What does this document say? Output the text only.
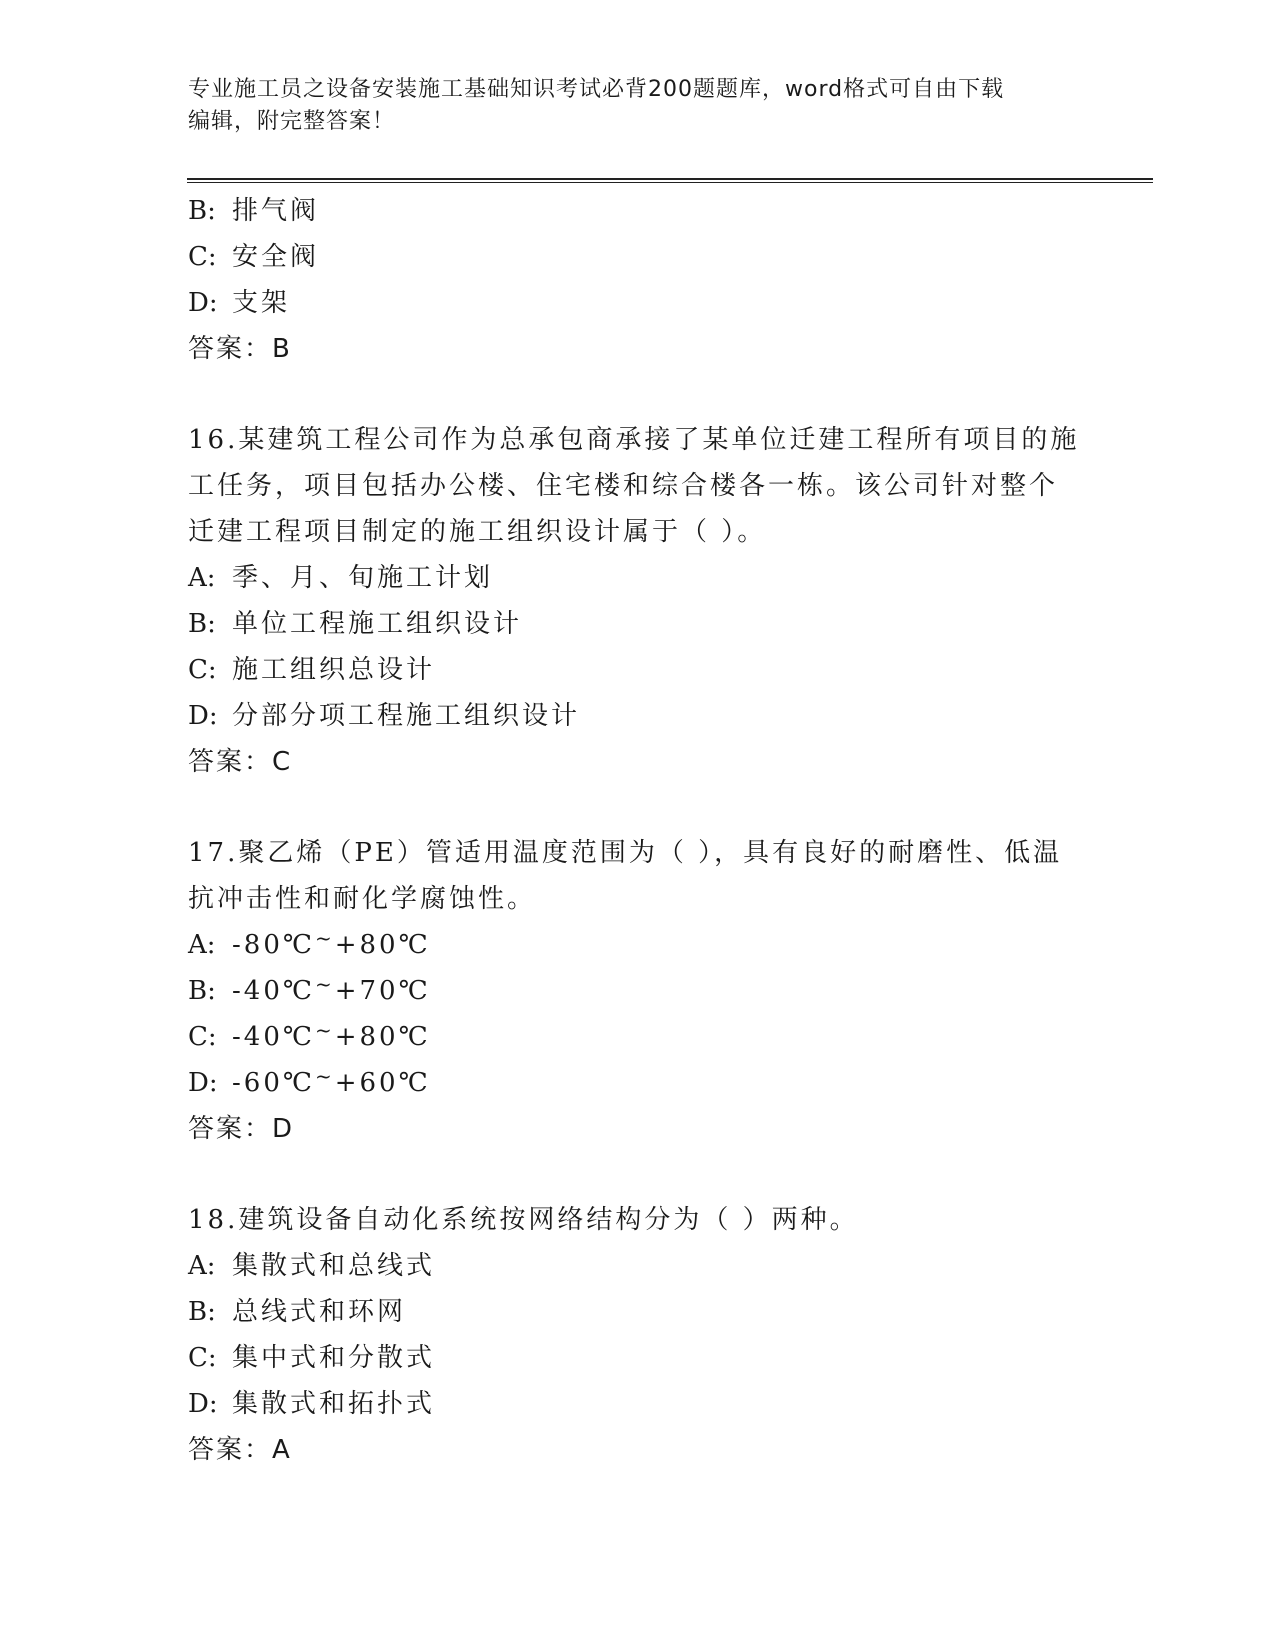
专业施工员之设备安装施工基础知识考试必背200题题库，word格式可自由下载
编辑，附完整答案！
B: 排气阀
C: 安全阀
D: 支架
答案：B
16.某建筑工程公司作为总承包商承接了某单位迁建工程所有项目的施
工任务，项目包括办公楼、住宅楼和综合楼各一栋。该公司针对整个
迁建工程项目制定的施工组织设计属于（ ）。
A: 季、月、旬施工计划
B: 单位工程施工组织设计
C: 施工组织总设计
D: 分部分项工程施工组织设计
答案：C
17.聚乙烯（PE）管适用温度范围为（ ），具有良好的耐磨性、低温
抗冲击性和耐化学腐蚀性。
A: -80℃~+80℃
B: -40℃~+70℃
C: -40℃~+80℃
D: -60℃~+60℃
答案：D
18.建筑设备自动化系统按网络结构分为（ ）两种。
A: 集散式和总线式
B: 总线式和环网
C: 集中式和分散式
D: 集散式和拓扑式
答案：A
